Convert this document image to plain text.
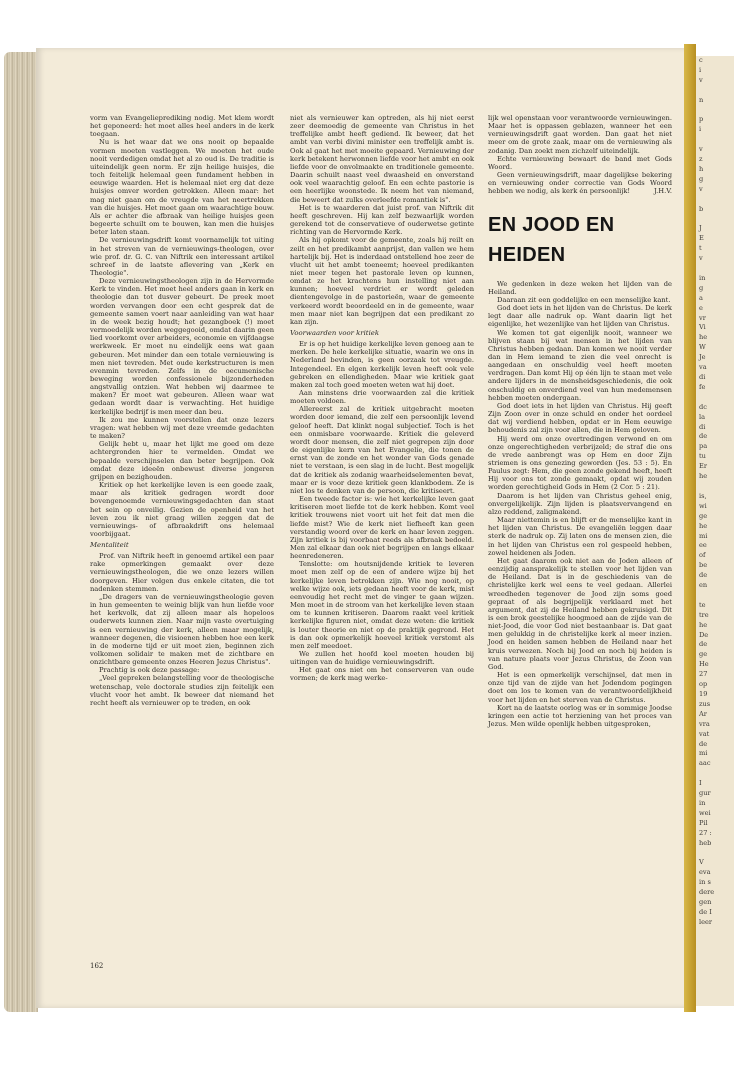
c
i
v

n

p
i

v
z
h
g
v

b

J
E
t
v

in
g
a
e
vr
Vi
he
W
Je
va
di
fe

dc
la
di
de
pa
tu
Er
he

is,
wi
ge
he
mi
ee
of
be
de
en

te
tre
he
De
de
ge
He
27
op
19
zus
Ar
vra
vat
de
mi
aac

I
gur
in
wei
Pil
27 :
heb

V
eva
in s
dere
gen
de I
leer

vorm van Evangelieprediking nodig. Met klem wordt het geponeerd: het moet alles heel anders in de kerk toegaan.

Nu is het waar dat we ons nooit op bepaalde vormen moeten vastleggen. We moeten het oude nooit verdedigen omdat het al zo oud is. De traditie is uiteindelijk geen norm. Er zijn heilige huisjes, die toch feitelijk helemaal geen fundament hebben in eeuwige waarden. Het is helemaal niet erg dat deze huisjes omver worden getrokken. Alleen maar: het mag niet gaan om de vreugde van het neertrekken van die huisjes. Het moet gaan om waarachtige bouw. Als er achter die afbraak van heilige huisjes geen begeerte schuilt om te bouwen, kan men die huisjes beter laten staan.

De vernieuwingsdrift komt voornamelijk tot uiting in het streven van de vernieuwings-theologen, over wie prof. dr. G. C. van Niftrik een interessant artikel schreef in de laatste aflevering van „Kerk en Theologie".

Deze vernieuwingstheologen zijn in de Hervormde Kerk te vinden. Het moet heel anders gaan in kerk en theologie dan tot dusver gebeurt. De preek moet worden vervangen door een echt gesprek dat de gemeente samen voert naar aanleiding van wat haar in de week bezig houdt; het gezangboek (!) moet vermoedelijk worden weggegooid, omdat daarin geen lied voorkomt over arbeiders, economie en vijfdaagse werkweek. Er moet nu eindelijk eens wat gaan gebeuren. Met minder dan een totale vernieuwing is men niet tevreden. Met oude kerkstructuren is men evenmin tevreden. Zelfs in de oecumenische beweging worden confessionele bijzonderheden angstvallig ontzien. Wat hebben wij daarmee te maken? Er moet wat gebeuren. Alleen waar wat gedaan wordt daar is verwachting. Het huidige kerkelijke bedrijf is men meer dan beu.

Ik zou me kunnen voorstellen dat onze lezers vragen: wat hebben wij met deze vreemde gedachten te maken?

Gelijk hebt u, maar het lijkt me goed om deze achtergronden hier te vermelden. Omdat we bepaalde verschijnselen dan beter begrijpen. Ook omdat deze ideeën onbewust diverse jongeren grijpen en bezighouden.

Kritiek op het kerkelijke leven is een goede zaak, maar als kritiek gedragen wordt door bovengenoemde vernieuwingsgedachten dan staat het sein op onveilig. Gezien de openheid van het leven zou ik niet graag willen zeggen dat de vernieuwings- of afbraakdrift ons helemaal voorbijgaat.

Mentaliteit

Prof. van Niftrik heeft in genoemd artikel een paar rake opmerkingen gemaakt over deze vernieuwingstheologen, die we onze lezers willen doorgeven. Hier volgen dus enkele citaten, die tot nadenken stemmen.

„De dragers van de vernieuwingstheologie geven in hun gemeenten te weinig blijk van hun liefde voor het kerkvolk, dat zij alleen maar als hopeloos ouderwets kunnen zien. Naar mijn vaste overtuiging is een vernieuwing der kerk, alleen maar mogelijk, wanneer degenen, die visioenen hebben hoe een kerk in de moderne tijd er uit moet zien, beginnen zich volkomen solidair te maken met de zichtbare en onzichtbare gemeente onzes Heeren Jezus Christus".

Prachtig is ook deze passage:

„Veel gepreken belangstelling voor de theologische wetenschap, vele doctorale studies zijn feitelijk een vlucht voor het ambt. Ik beweer dat niemand het recht heeft als vernieuwer op te treden, en ook

niet als vernieuwer kan optreden, als hij niet eerst zeer deemoedig de gemeente van Christus in het treffelijke ambt heeft gediend. Ik beweer, dat het ambt van verbi divini minister een treffelijk ambt is. Ook al gaat het met moeite gepaard. Vernieuwing der kerk betekent herwonnen liefde voor het ambt en ook liefde voor de onvolmaakte en traditionele gemeente. Daarin schuilt naast veel dwaasheid en onverstand ook veel waarachtig geloof. En een echte pastorie is een heerlijke woonstede. Ik neem het van niemand, die beweert dat zulks overleefde romantiek is".

Het is te waarderen dat juist prof. van Niftrik dit heeft geschreven. Hij kan zelf bezwaarlijk worden gerekend tot de conservatieve of ouderwetse getinte richting van de Hervormde Kerk.

Als hij opkomt voor de gemeente, zoals hij reilt en zeilt en het predikambt aanprijst, dan vallen we hem hartelijk bij. Het is inderdaad ontstellend hoe zeer de vlucht uit het ambt toeneemt; hoeveel predikanten niet meer tegen het pastorale leven op kunnen, omdat ze het krachtens hun instelling niet aan kunnen; hoeveel verdriet er wordt geleden dientengevolge in de pastorieën, waar de gemeente verkeerd wordt beoordeeld en in de gemeente, waar men maar niet kan begrijpen dat een predikant zo kan zijn.

Voorwaarden voor kritiek

Er is op het huidige kerkelijke leven genoeg aan te merken. De hele kerkelijke situatie, waarin we ons in Nederland bevinden, is geen oorzaak tot vreugde. Integendeel. En elgen kerkelijk leven heeft ook vele gebreken en ellendigheden. Maar wie kritiek gaat maken zal toch goed moeten weten wat hij doet.

Aan minstens drie voorwaarden zal die kritiek moeten voldoen.

Allereerst zal de kritiek uitgebracht moeten worden door iemand, die zelf een persoonlijk levend geloof heeft. Dat klinkt nogal subjectief. Toch is het een onmisbare voorwaarde. Kritiek die geleverd wordt door mensen, die zelf niet gegrepen zijn door de eigenlijke kern van het Evangelie, die tonen de ernst van de zonde en het wonder van Gods genade niet te verstaan, is een slag in de lucht. Best mogelijk dat de kritiek als zodanig waarheidselementen bevat, maar er is voor deze kritiek geen klankbodem. Ze is niet los te denken van de persoon, die kritiseert.

Een tweede factor is: wie het kerkelijke leven gaat kritiseren moet liefde tot de kerk hebben. Komt veel kritiek trouwens niet voort uit het feit dat men die liefde mist? Wie de kerk niet liefheeft kan geen verstandig woord over de kerk en haar leven zeggen. Zijn kritiek is bij voorbaat reeds als afbraak bedoeld. Men zal elkaar dan ook niet begrijpen en langs elkaar heenredeneren.

Tenslotte: om houtsnijdende kritiek te leveren moet men zelf op de een of andere wijze bij het kerkelijke leven betrokken zijn. Wie nog nooit, op welke wijze ook, iets gedaan heeft voor de kerk, mist eenvoudig het recht met de vinger te gaan wijzen. Men moet in de stroom van het kerkelijke leven staan om te kunnen kritiseren. Daarom raakt veel kritiek kerkelijke figuren niet, omdat deze weten: die kritiek is louter theorie en niet op de praktijk gegrond. Het is dan ook opmerkelijk hoeveel kritiek verstomt als men zelf meedoet.

We zullen het hoofd koel moeten houden bij uitingen van de huidige vernieuwingsdrift.

Het gaat ons niet om het conserveren van oude vormen; de kerk mag werke-

lijk wel openstaan voor verantwoorde vernieuwingen. Maar het is oppassen geblazen, wanneer het een vernieuwingsdrift gaat worden. Dan gaat het niet meer om de grote zaak, maar om de vernieuwing als zodanig. Dan zoekt men zichzelf uiteindelijk.

Echte vernieuwing bewaart de band met Gods Woord.

Geen vernieuwingsdrift, maar dagelijkse bekering en vernieuwing onder correctie van Gods Woord hebben we nodig, als kerk én persoonlijk!	J.H.V.

EN JOOD EN HEIDEN

We gedenken in deze weken het lijden van de Heiland.

Daaraan zit een goddelijke en een menselijke kant.

God doet iets in het lijden van de Christus. De kerk legt daar alle nadruk op. Want daarin ligt het eigenlijke, het wezenlijke van het lijden van Christus.

We komen tot gat eigenlijk nooit, wanneer we blijven staan bij wat mensen in het lijden van Christus hebben gedaan. Dan komen we nooit verder dan in Hem iemand te zien die veel onrecht is aangedaan en onschuldig veel heeft moeten verdragen. Dan komt Hij op één lijn te staan met vele andere lijders in de mensheidsgeschiedenis, die ook onschuldig en onverdiend veel van hun medemensen hebben moeten ondergaan.

God doet iets in het lijden van Christus. Hij geeft Zijn Zoon over in onze schuld en onder het oordeel dat wij verdiend hebben, opdat er in Hem eeuwige behoudenis zal zijn voor allen, die in Hem geloven.

Hij werd om onze overtredingen verwond en om onze ongerechtigheden verbrijzeld; de straf die ons de vrede aanbrengt was op Hem en door Zijn striemen is ons genezing geworden (Jes. 53 : 5). En Paulus zegt: Hem, die geen zonde gekend heeft, heeft Hij voor ons tot zonde gemaakt, opdat wij zouden worden gerechtigheid Gods in Hem (2 Cor. 5 : 21).

Daarom is het lijden van Christus geheel enig, onvergelijkelijk. Zijn lijden is plaatsvervangend en alzo reddend, zaligmakend.

Maar niettemin is en blijft er de menselijke kant in het lijden van Christus. De evangeliën leggen daar sterk de nadruk op. Zij laten ons de mensen zien, die in het lijden van Christus een rol gespeeld hebben, zowel heidenen als Joden.

Het gaat daarom ook niet aan de Joden alleen of eenzijdig aansprakelijk te stellen voor het lijden van de Heiland. Dat is in de geschiedenis van de christelijke kerk wel eens te veel gedaan. Allerlei wreedheden tegenover de Jood zijn soms goed gepraat of als begrijpelijk verklaard met het argument, dat zij de Heiland hebben gekruisigd. Dit is een brok geestelijke hoogmoed aan de zijde van de niet-Jood, die voor God niet bestaanbaar is. Dat gaat men gelukkig in de christelijke kerk al meer inzien. Jood en heiden samen hebben de Heiland naar het kruis verwezen. Noch bij Jood en noch bij heiden is van nature plaats voor Jezus Christus, de Zoon van God.

Het is een opmerkelijk verschijnsel, dat men in onze tijd van de zijde van het Jodendom pogingen doet om los te komen van de verantwoordelijkheid voor het lijden en het sterven van de Christus.

Kort na de laatste oorlog was er in sommige Joodse kringen een actie tot herziening van het proces van Jezus. Men wilde openlijk hebben uitgesproken,

162
